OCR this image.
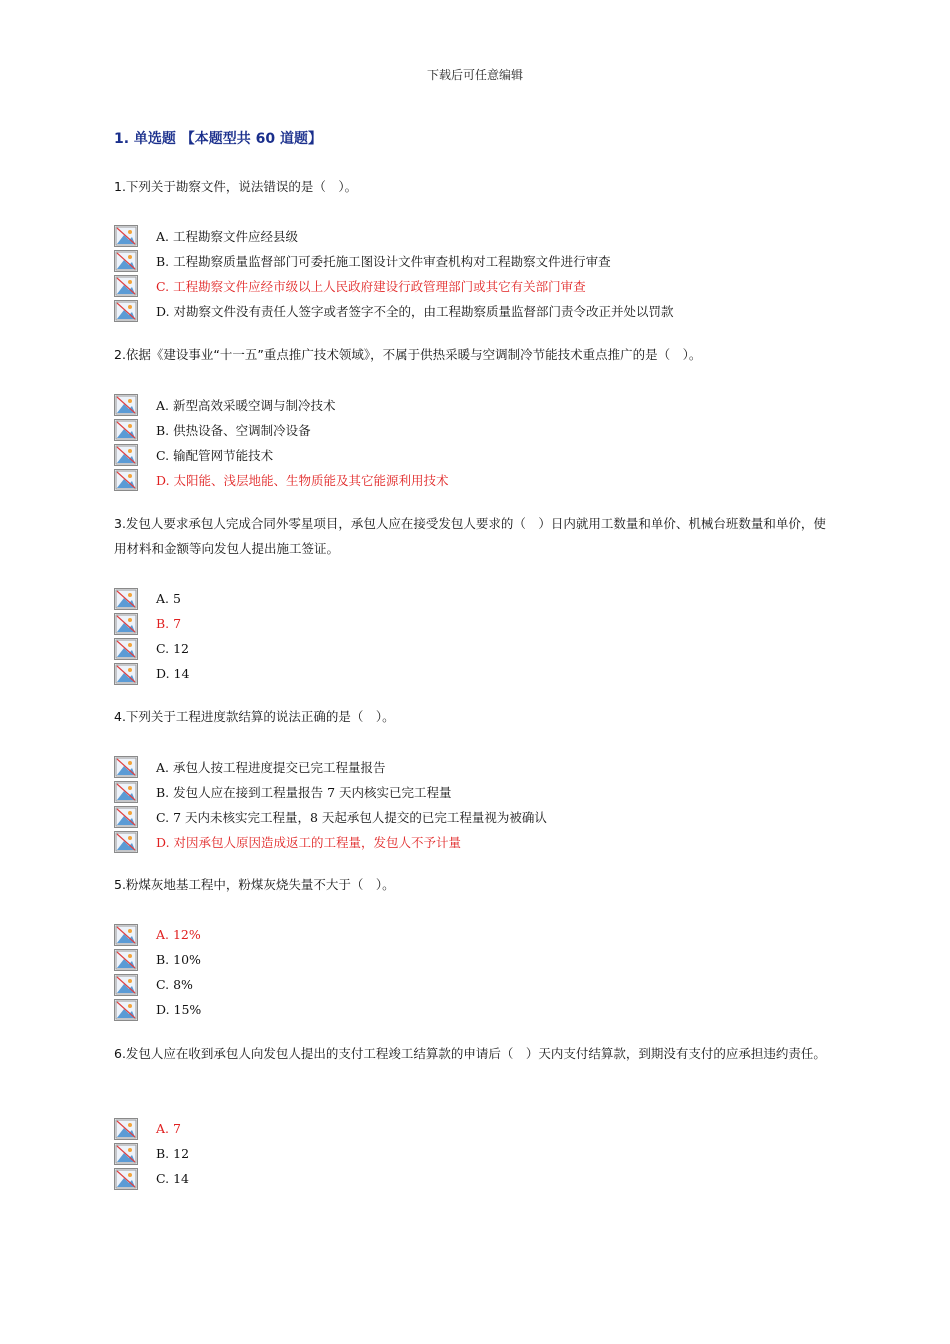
下载后可任意编辑
1. 单选题 【本题型共 60 道题】
1.下列关于勘察文件，说法错误的是（　）。
A. 工程勘察文件应经县级
B. 工程勘察质量监督部门可委托施工图设计文件审查机构对工程勘察文件进行审查
C. 工程勘察文件应经市级以上人民政府建设行政管理部门或其它有关部门审查
D. 对勘察文件没有责任人签字或者签字不全的，由工程勘察质量监督部门责令改正并处以罚款
2.依据《建设事业“十一五”重点推广技术领域》，不属于供热采暖与空调制冷节能技术重点推广的是（　）。
A. 新型高效采暖空调与制冷技术
B. 供热设备、空调制冷设备
C. 输配管网节能技术
D. 太阳能、浅层地能、生物质能及其它能源利用技术
3.发包人要求承包人完成合同外零星项目，承包人应在接受发包人要求的（　）日内就用工数量和单价、机械台班数量和单价，使用材料和金额等向发包人提出施工签证。
A. 5
B. 7
C. 12
D. 14
4.下列关于工程进度款结算的说法正确的是（　）。
A. 承包人按工程进度提交已完工程量报告
B. 发包人应在接到工程量报告 7 天内核实已完工程量
C. 7 天内未核实完工程量，8 天起承包人提交的已完工程量视为被确认
D. 对因承包人原因造成返工的工程量，发包人不予计量
5.粉煤灰地基工程中，粉煤灰烧失量不大于（　）。
A. 12%
B. 10%
C. 8%
D. 15%
6.发包人应在收到承包人向发包人提出的支付工程竣工结算款的申请后（　）天内支付结算款，到期没有支付的应承担违约责任。
A. 7
B. 12
C. 14
